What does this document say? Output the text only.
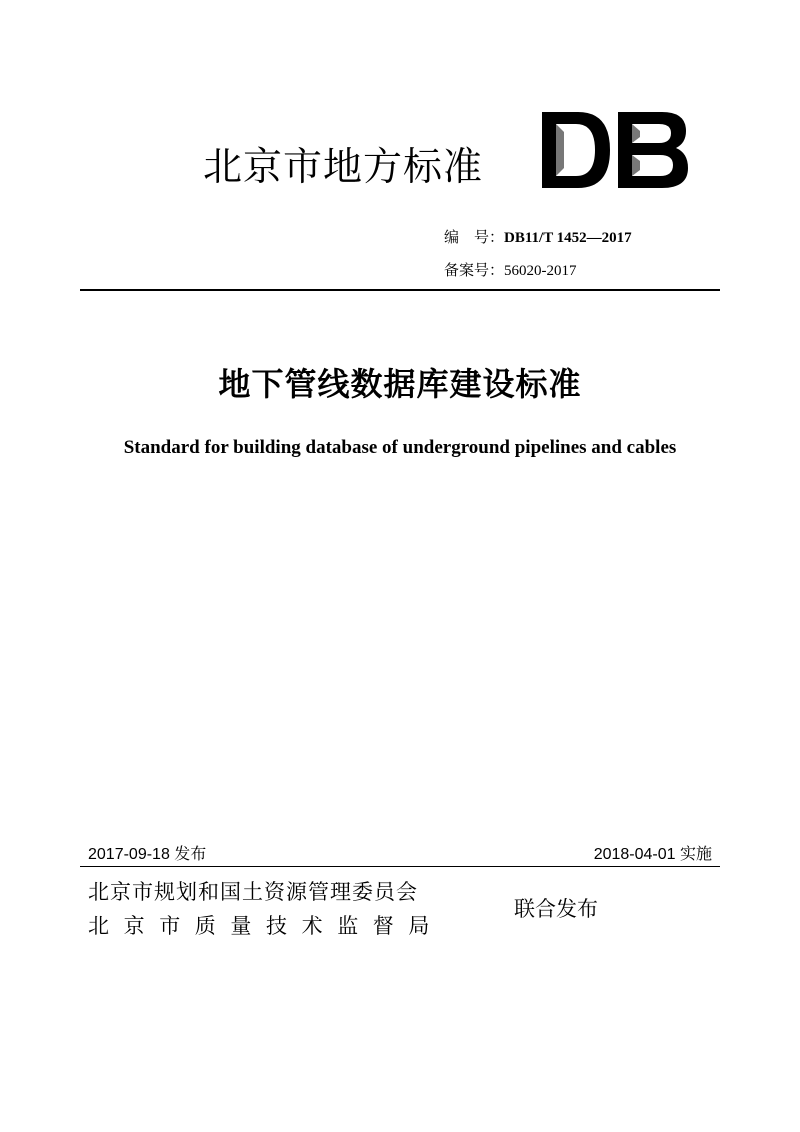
北京市地方标准
编　号：DB11/T 1452—2017
备案号：56020-2017
地下管线数据库建设标准
Standard for building database of underground pipelines and cables
2017-09-18 发布	2018-04-01 实施
北京市规划和国土资源管理委员会
北京市质量技术监督局
联合发布
